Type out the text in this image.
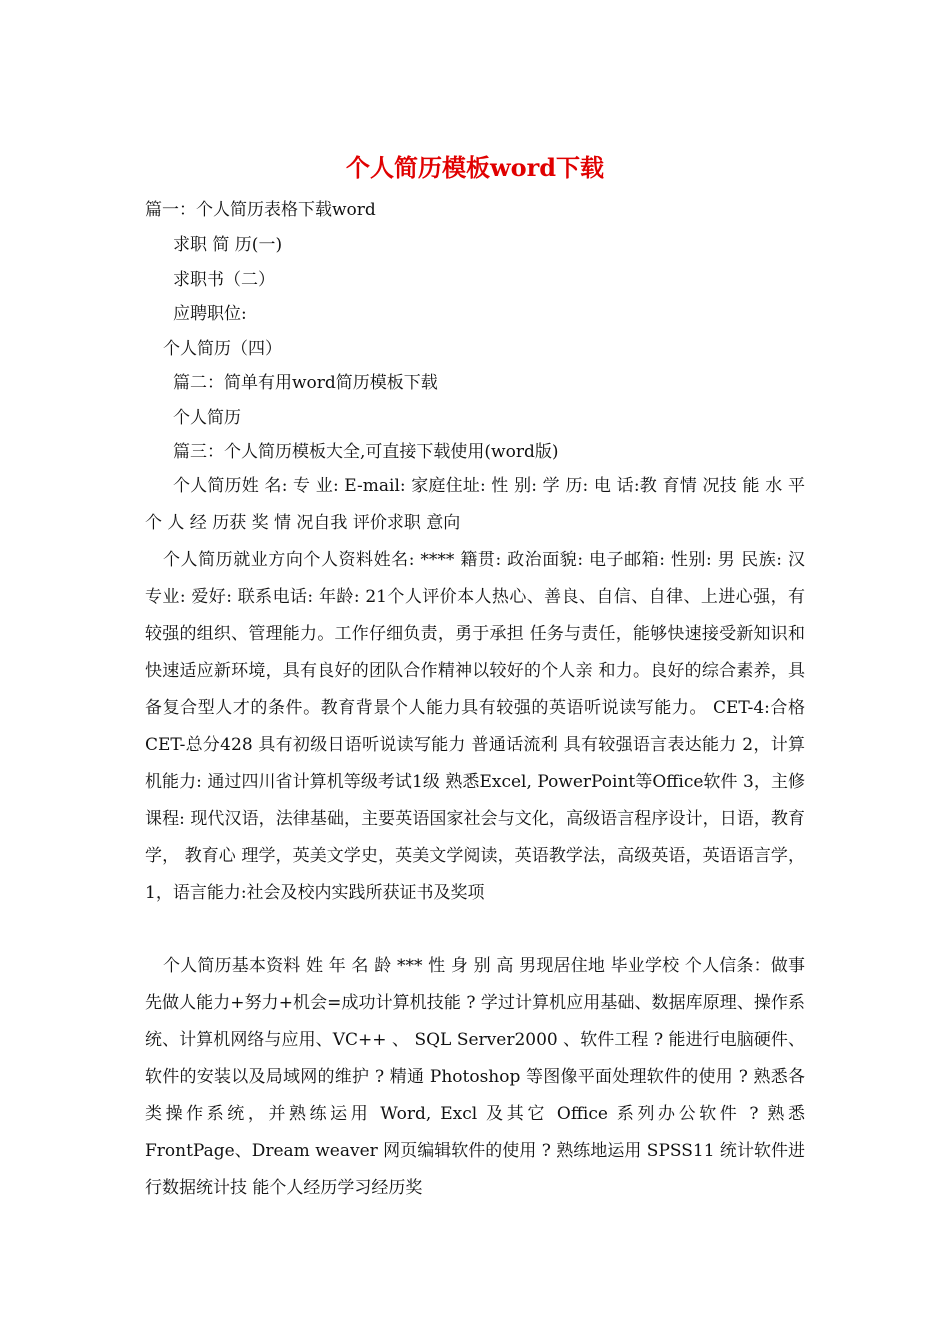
个人简历模板word下载
篇一：个人简历表格下载word
求职 简 历(一)
求职书（二）
应聘职位:
个人简历（四）
篇二：简单有用word简历模板下载
个人简历
篇三：个人简历模板大全,可直接下载使用(word版)
个人简历姓 名: 专 业: E-mail: 家庭住址: 性 别: 学 历: 电 话:教 育情 况技 能 水 平个 人 经 历获 奖 情 况自我 评价求职 意向
个人简历就业方向个人资料姓名: **** 籍贯: 政治面貌: 电子邮箱: 性别: 男 民族: 汉 专业: 爱好: 联系电话: 年龄: 21个人评价本人热心、善良、自信、自律、上进心强，有较强的组织、管理能力。工作仔细负责，勇于承担 任务与责任，能够快速接受新知识和快速适应新环境，具有良好的团队合作精神以较好的个人亲 和力。良好的综合素养，具备复合型人才的条件。教育背景个人能力具有较强的英语听说读写能力。 CET-4:合格 CET-总分428 具有初级日语听说读写能力 普通话流利 具有较强语言表达能力 2，计算机能力: 通过四川省计算机等级考试1级 熟悉Excel, PowerPoint等Office软件 3，主修课程: 现代汉语，法律基础，主要英语国家社会与文化，高级语言程序设计，日语，教育学， 教育心 理学，英美文学史，英美文学阅读，英语教学法，高级英语，英语语言学， 1，语言能力:社会及校内实践所获证书及奖项
个人简历基本资料 姓 年 名 龄 *** 性 身 别 高 男现居住地 毕业学校 个人信条：做事先做人能力+努力+机会=成功计算机技能 ? 学过计算机应用基础、数据库原理、操作系统、计算机网络与应用、VC++ 、 SQL Server2000 、软件工程 ? 能进行电脑硬件、软件的安装以及局域网的维护 ? 精通 Photoshop 等图像平面处理软件的使用 ? 熟悉各类操作系统，并熟练运用 Word, Excl 及其它 Office 系列办公软件 ? 熟悉 FrontPage、Dream weaver 网页编辑软件的使用 ? 熟练地运用 SPSS11 统计软件进行数据统计技 能个人经历学习经历奖
